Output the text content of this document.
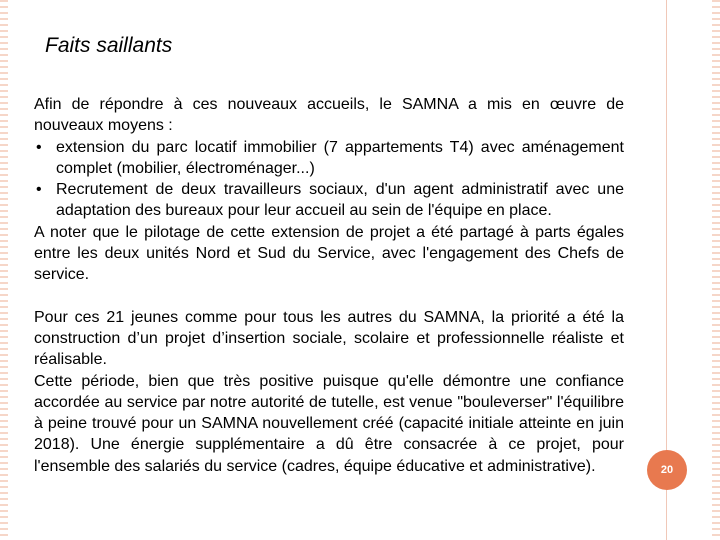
Faits saillants

Afin de répondre à ces nouveaux accueils, le SAMNA a mis en œuvre de nouveaux moyens :

• extension du parc locatif immobilier (7 appartements T4) avec aménagement complet (mobilier, électroménager...)
• Recrutement de deux travailleurs sociaux, d'un agent administratif avec une adaptation des bureaux pour leur accueil au sein de l'équipe en place.

A noter que le pilotage de cette extension de projet a été partagé à parts égales entre les deux unités Nord et Sud du Service, avec l'engagement des Chefs de service.

Pour ces 21 jeunes comme pour tous les autres du SAMNA, la priorité a été la construction d’un projet d’insertion sociale, scolaire et professionnelle réaliste et réalisable.

Cette période, bien que très positive puisque qu'elle démontre une confiance accordée au service par notre autorité de tutelle, est venue "bouleverser" l'équilibre à peine trouvé pour un SAMNA nouvellement créé (capacité initiale atteinte en juin 2018). Une énergie supplémentaire a dû être consacrée à ce projet, pour l'ensemble des salariés du service (cadres, équipe éducative et administrative).	20
